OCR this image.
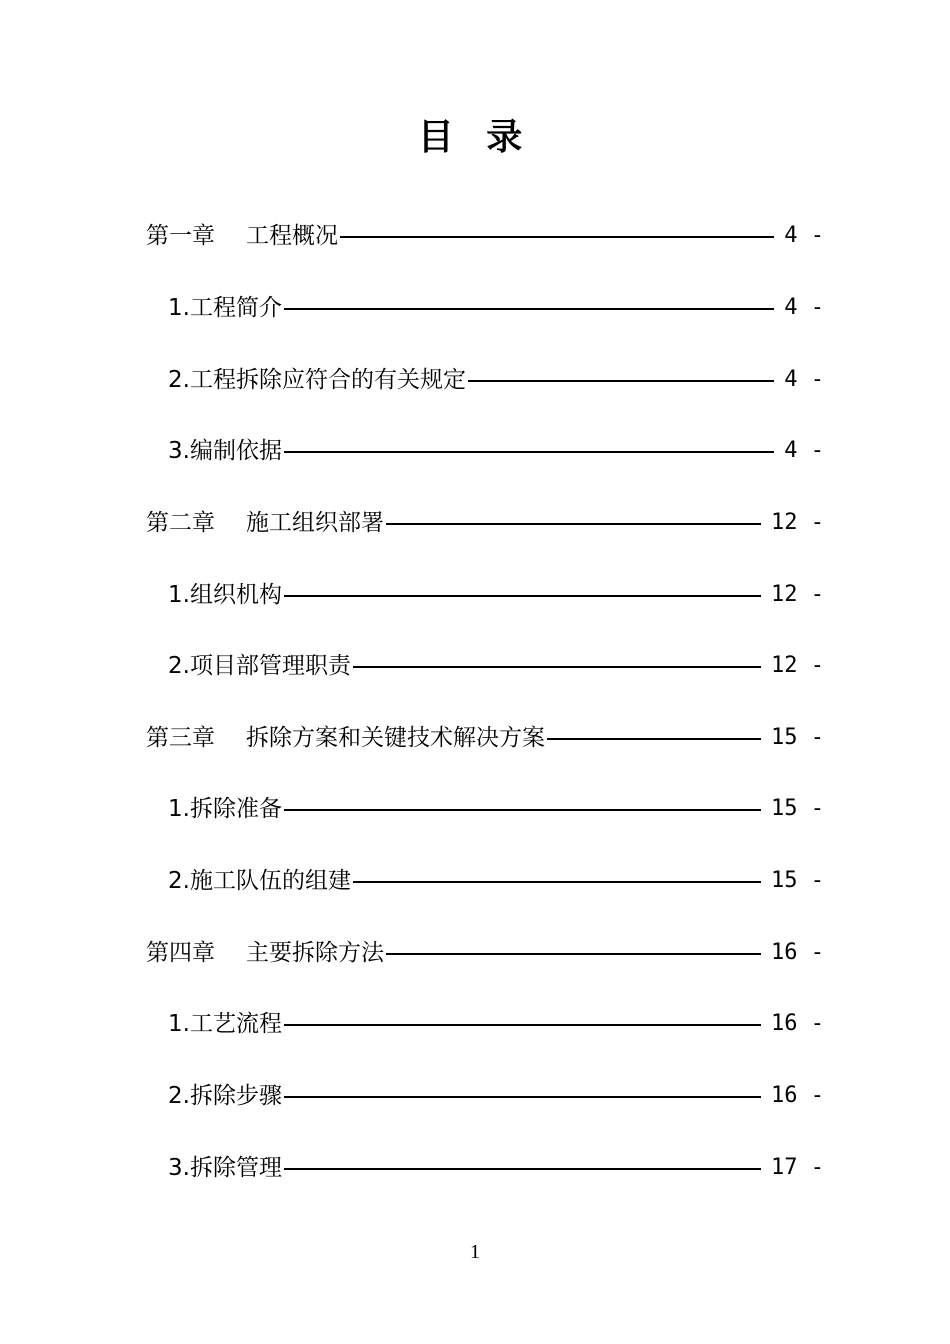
目 录
第一章 工程概况	4 -
1.工程简介	4 -
2.工程拆除应符合的有关规定	4 -
3.编制依据	4 -
第二章 施工组织部署	12 -
1.组织机构	12 -
2.项目部管理职责	12 -
第三章 拆除方案和关键技术解决方案	15 -
1.拆除准备	15 -
2.施工队伍的组建	15 -
第四章 主要拆除方法	16 -
1.工艺流程	16 -
2.拆除步骤	16 -
3.拆除管理	17 -
1
